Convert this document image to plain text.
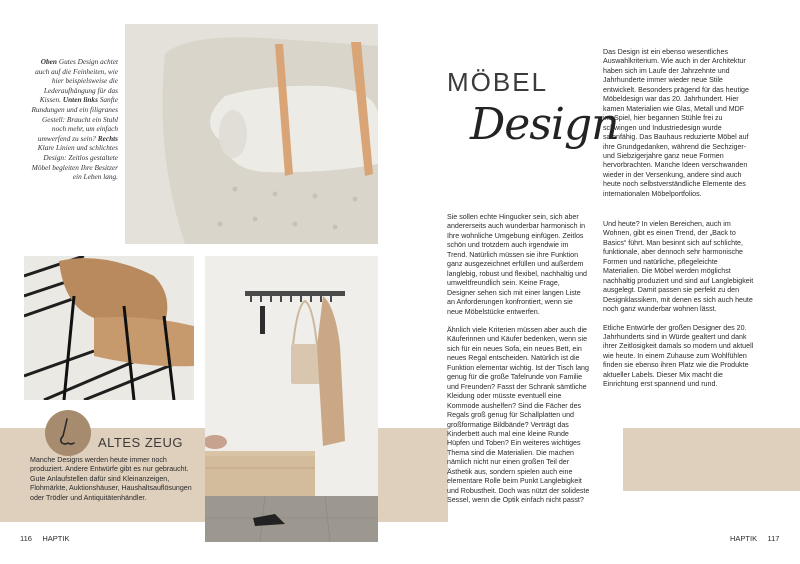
Oben Gutes Design achtet auch auf die Feinheiten, wie hier beispielsweise die Lederaufhängung für das Kissen. Unten links Sanfte Rundungen und ein filigranes Gestell: Braucht ein Stuhl noch mehr, um einfach umwerfend zu sein? Rechts Klare Linien und schlichtes Design: Zeitlos gestaltete Möbel begleiten Ihre Besitzer ein Leben lang.
ALTES ZEUG
Manche Designs werden heute immer noch produziert. Andere Entwürfe gibt es nur gebraucht. Gute Anlaufstellen dafür sind Kleinanzeigen, Flohmärkte, Auktionshäuser, Haushaltsauflösungen oder Trödler und Antiquitätenhändler.
116 HAPTIK
MÖBEL
Design

Sie sollen echte Hingucker sein, sich aber andererseits auch wunderbar harmonisch in Ihre wohnliche Umgebung einfügen. Zeitlos schön und trotzdem auch irgendwie im Trend. Natürlich müssen sie ihre Funktion ganz ausgezeichnet erfüllen und außerdem langlebig, robust und flexibel, nachhaltig und umweltfreundlich sein. Keine Frage, Designer sehen sich mit einer langen Liste an Anforderungen konfrontiert, wenn sie neue Möbelstücke entwerfen.

Ähnlich viele Kriterien müssen aber auch die Käuferinnen und Käufer bedenken, wenn sie sich für ein neues Sofa, ein neues Bett, ein neues Regal entscheiden. Natürlich ist die Funktion elementar wichtig. Ist der Tisch lang genug für die große Tafelrunde von Familie und Freunden? Fasst der Schrank sämtliche Kleidung oder müsste eventuell eine Kommode aushelfen? Sind die Fächer des Regals groß genug für Schallplatten und großformatige Bildbände? Verträgt das Kinderbett auch mal eine kleine Runde Hüpfen und Toben? Ein weiteres wichtiges Thema sind die Materialien. Die machen nämlich nicht nur einen großen Teil der Ästhetik aus, sondern spielen auch eine elementare Rolle beim Punkt Langlebigkeit und Robustheit. Doch was nützt der solideste Sessel, wenn die Optik einfach nicht passt?

Das Design ist ein ebenso wesentliches Auswahlkriterium. Wie auch in der Architektur haben sich im Laufe der Jahrzehnte und Jahrhunderte immer wieder neue Stile entwickelt. Besonders prägend für das heutige Möbeldesign war das 20. Jahrhundert. Hier kamen Materialien wie Glas, Metall und MDF ins Spiel, hier begannen Stühle frei zu schwingen und Industriedesign wurde salonfähig. Das Bauhaus reduzierte Möbel auf ihre Grundgedanken, während die Sechziger- und Siebzigerjahre ganz neue Formen hervorbrachten. Manche Ideen verschwanden wieder in der Versenkung, andere sind auch heute noch selbstverständliche Elemente des internationalen Möbelportfolios.

Und heute? In vielen Bereichen, auch im Wohnen, gibt es einen Trend, der „Back to Basics“ führt. Man besinnt sich auf schlichte, funktionale, aber dennoch sehr harmonische Formen und natürliche, pflegeleichte Materialien. Die Möbel werden möglichst nachhaltig produziert und sind auf Langlebigkeit ausgelegt. Damit passen sie perfekt zu den Designklassikern, mit denen es sich auch heute noch ganz wunderbar wohnen lässt.

Etliche Entwürfe der großen Designer des 20. Jahrhunderts sind in Würde gealtert und dank ihrer Zeitlosigkeit damals so modern und aktuell wie heute. In einem Zuhause zum Wohlfühlen finden sie ebenso ihren Platz wie die Produkte aktueller Labels. Dieser Mix macht die Einrichtung erst spannend und rund.

HAPTIK 117
